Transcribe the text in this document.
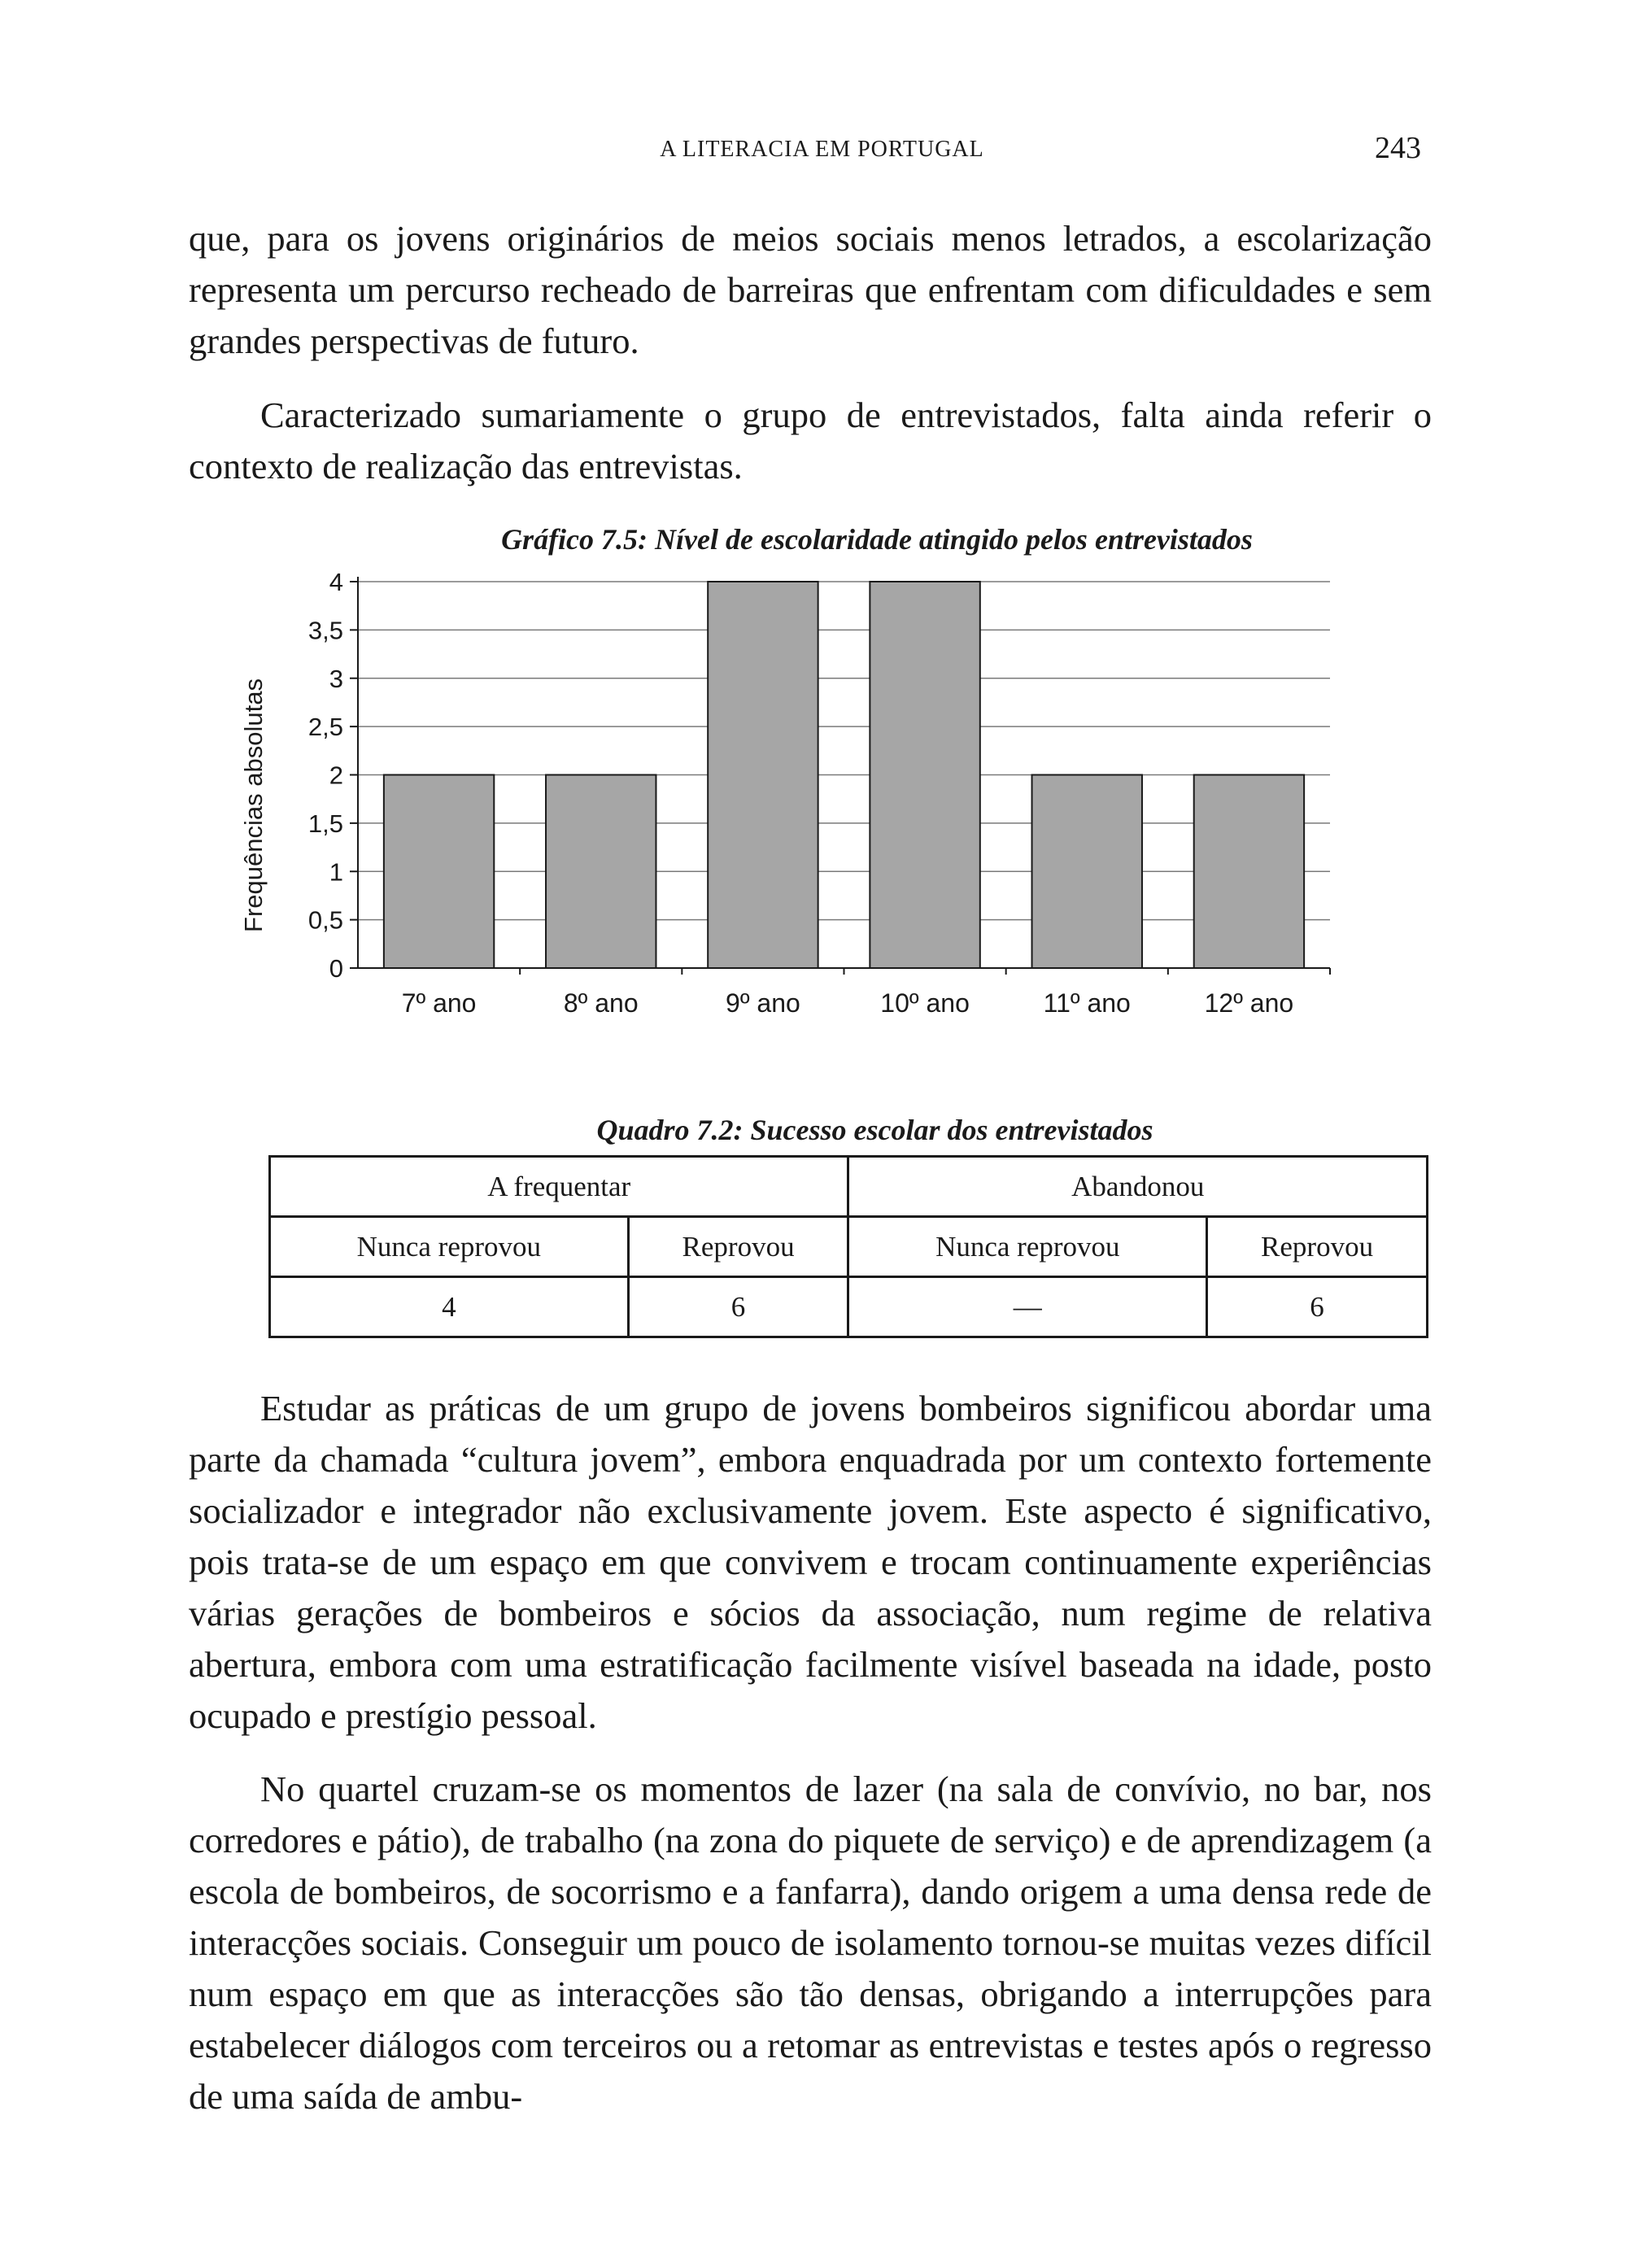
A LITERACIA EM PORTUGAL	243

que, para os jovens originários de meios sociais menos letrados, a escolarização representa um percurso recheado de barreiras que enfrentam com dificuldades e sem grandes perspectivas de futuro.

Caracterizado sumariamente o grupo de entrevistados, falta ainda referir o contexto de realização das entrevistas.

Gráfico 7.5: Nível de escolaridade atingido pelos entrevistados
0
0,5
1
1,5
2
2,5
3
3,5
4
7º ano	8º ano	9º ano	10º ano	11º ano	12º ano
Frequências absolutas
Quadro 7.2: Sucesso escolar dos entrevistados
A frequentar		Abandonou	
Nunca reprovou	Reprovou	Nunca reprovou	Reprovou
4	6	—	6

Estudar as práticas de um grupo de jovens bombeiros significou abordar uma parte da chamada “cultura jovem”, embora enquadrada por um contexto fortemente socializador e integrador não exclusivamente jovem. Este aspecto é significativo, pois trata-se de um espaço em que convivem e trocam continuamente experiências várias gerações de bombeiros e sócios da associação, num regime de relativa abertura, embora com uma estratificação facilmente visível baseada na idade, posto ocupado e prestígio pessoal.

No quartel cruzam-se os momentos de lazer (na sala de convívio, no bar, nos corredores e pátio), de trabalho (na zona do piquete de serviço) e de aprendizagem (a escola de bombeiros, de socorrismo e a fanfarra), dando origem a uma densa rede de interacções sociais. Conseguir um pouco de isolamento tornou-se muitas vezes difícil num espaço em que as interacções são tão densas, obrigando a interrupções para estabelecer diálogos com terceiros ou a retomar as entrevistas e testes após o regresso de uma saída de ambu-
